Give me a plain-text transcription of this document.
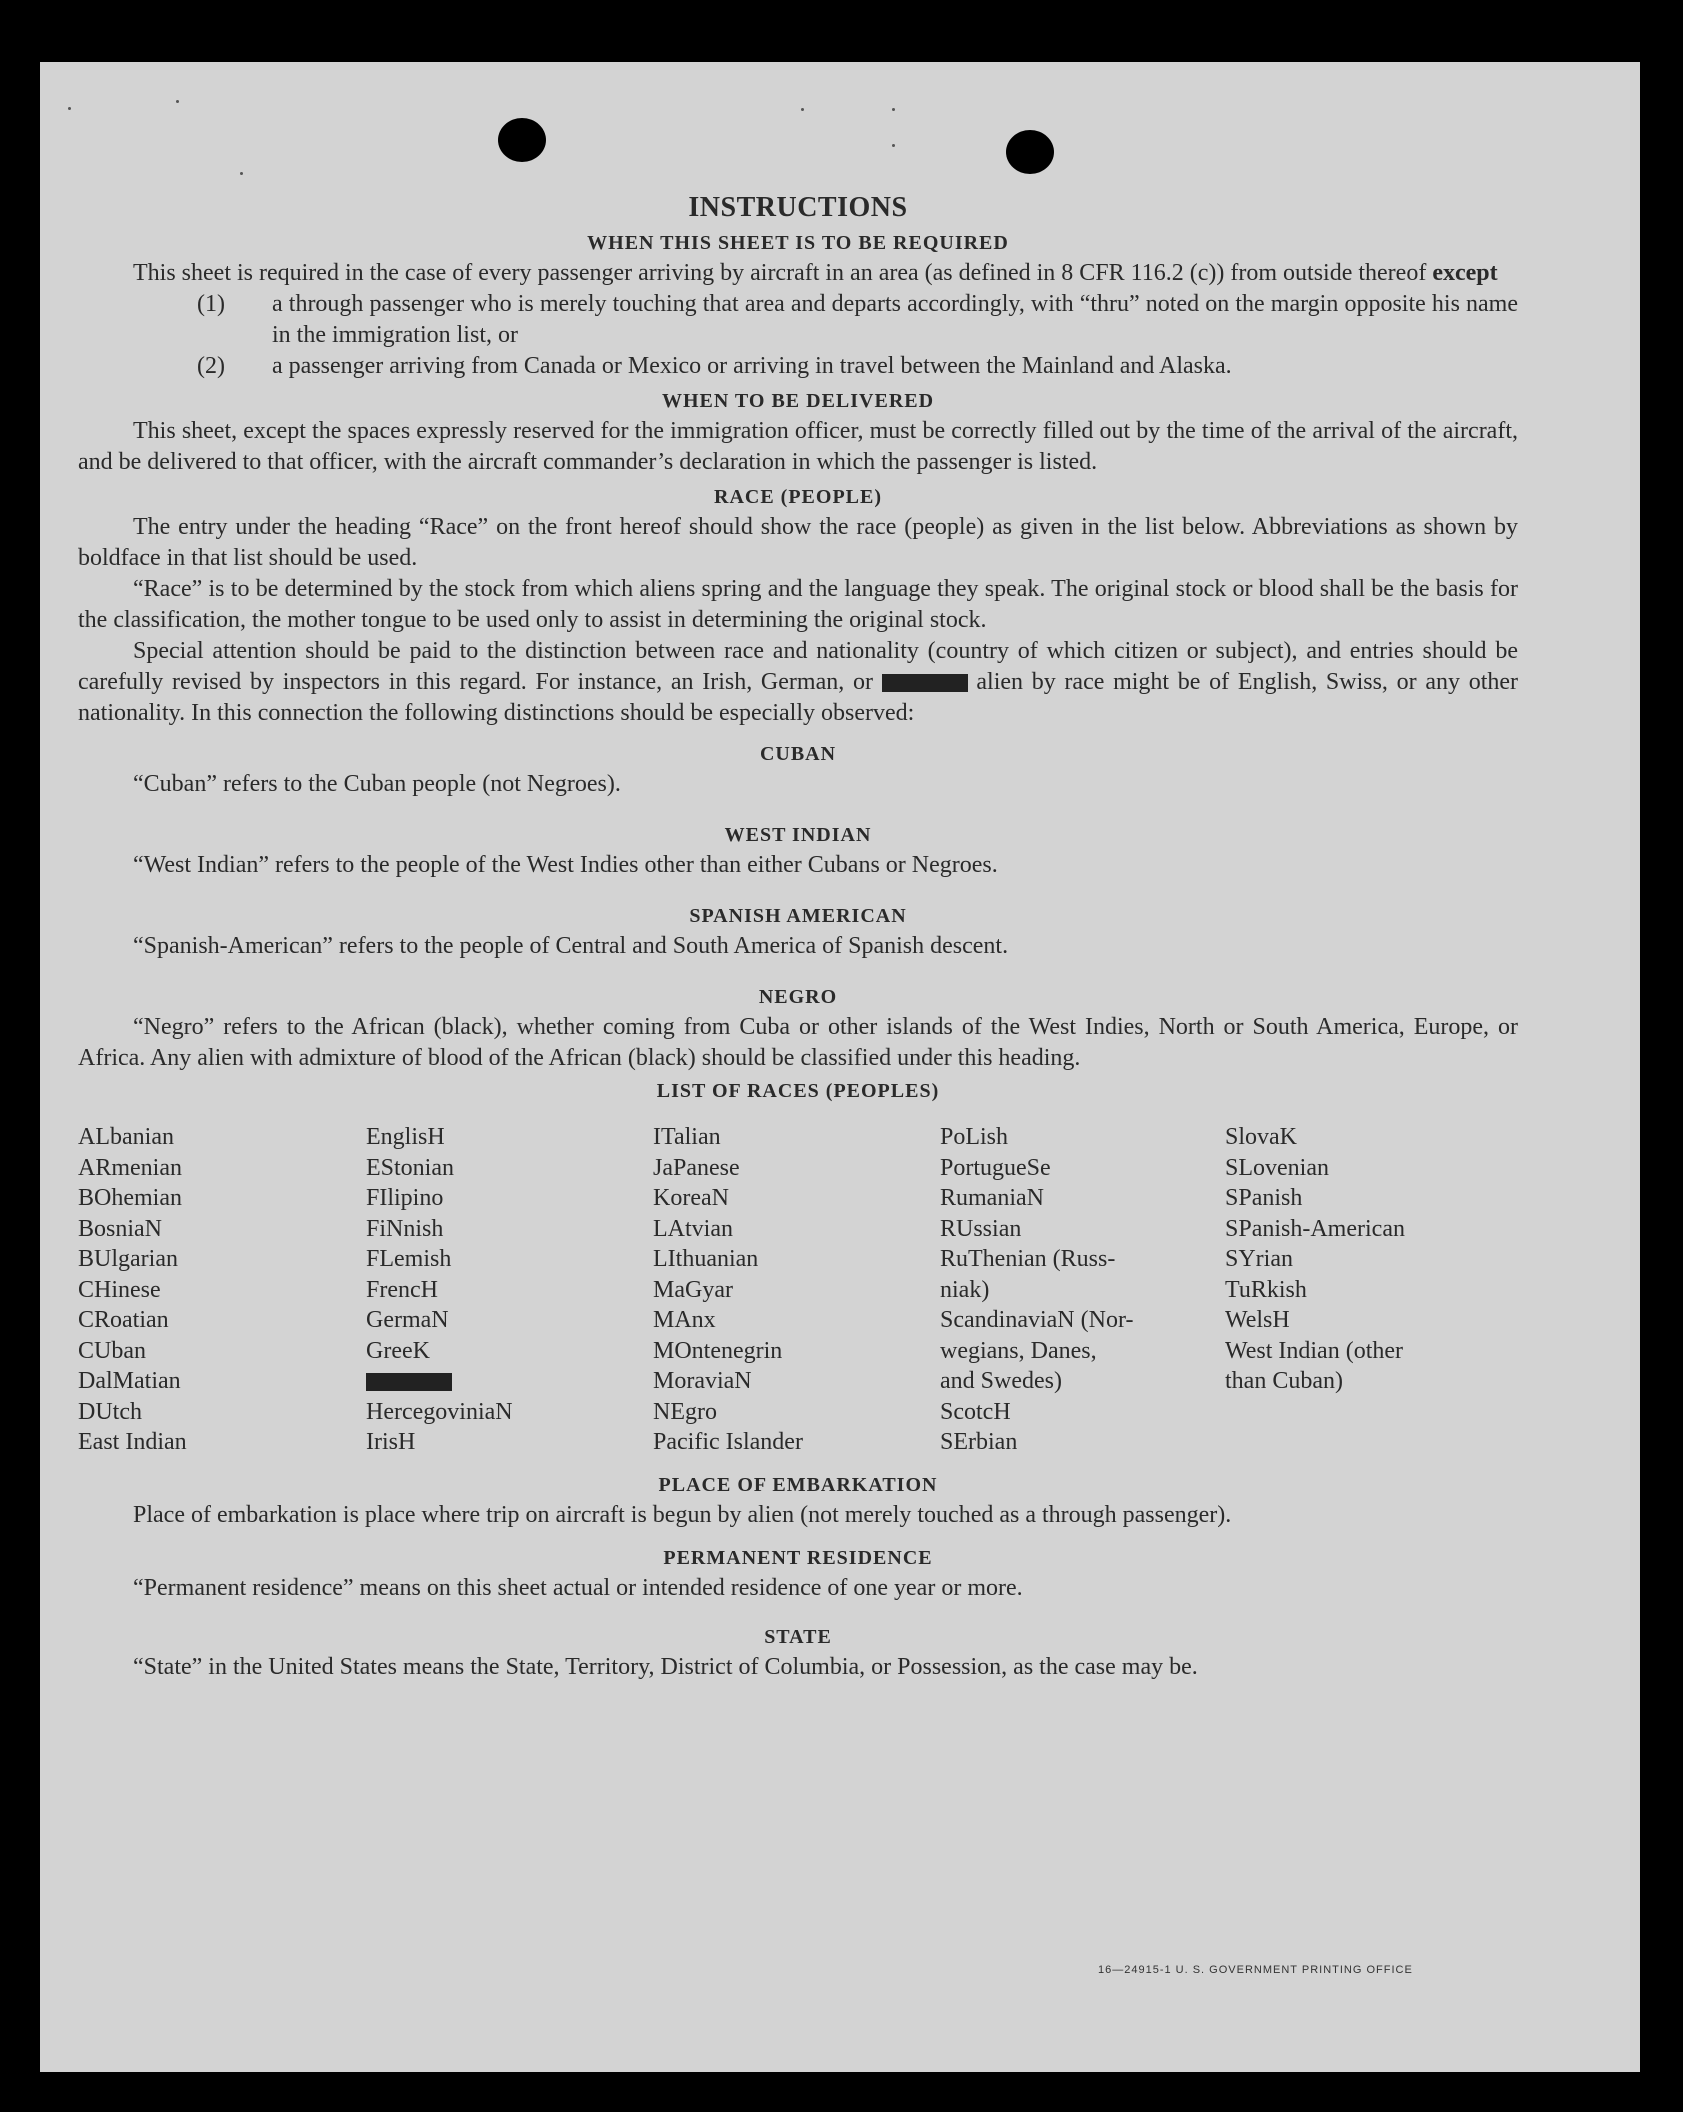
INSTRUCTIONS
WHEN THIS SHEET IS TO BE REQUIRED

This sheet is required in the case of every passenger arriving by aircraft in an area (as defined in 8 CFR 116.2 (c)) from outside thereof except

(1)	a through passenger who is merely touching that area and departs accordingly, with “thru” noted on the margin opposite his name in the immigration list, or
(2)	a passenger arriving from Canada or Mexico or arriving in travel between the Mainland and Alaska.
WHEN TO BE DELIVERED

This sheet, except the spaces expressly reserved for the immigration officer, must be correctly filled out by the time of the arrival of the aircraft, and be delivered to that officer, with the aircraft commander’s declaration in which the passenger is listed.

RACE (PEOPLE)

The entry under the heading “Race” on the front hereof should show the race (people) as given in the list below. Abbreviations as shown by boldface in that list should be used.

“Race” is to be determined by the stock from which aliens spring and the language they speak. The original stock or blood shall be the basis for the classification, the mother tongue to be used only to assist in determining the original stock.

Special attention should be paid to the distinction between race and nationality (country of which citizen or subject), and entries should be carefully revised by inspectors in this regard. For instance, an Irish, German, or	alien by race might be of English, Swiss, or any other nationality. In this connection the following distinctions should be especially observed:

CUBAN

“Cuban” refers to the Cuban people (not Negroes).

WEST INDIAN

“West Indian” refers to the people of the West Indies other than either Cubans or Negroes.

SPANISH AMERICAN

“Spanish-American” refers to the people of Central and South America of Spanish descent.

NEGRO

“Negro” refers to the African (black), whether coming from Cuba or other islands of the West Indies, North or South America, Europe, or Africa. Any alien with admixture of blood of the African (black) should be classified under this heading.

LIST OF RACES (PEOPLES)
ALbanian
ARmenian
BOhemian
BosniaN
BUlgarian
CHinese
CRoatian
CUban
DalMatian
DUtch
East Indian
EnglisH
EStonian
FIlipino
FiNnish
FLemish
FrencH
GermaN
GreeK
HercegoviniaN
IrisH
ITalian
JaPanese
KoreaN
LAtvian
LIthuanian
MaGyar
MAnx
MOntenegrin
MoraviaN
NEgro
Pacific Islander
PoLish
PortugueSe
RumaniaN
RUssian
RuThenian (Russ-
niak)
ScandinaviaN (Nor-
wegians, Danes,
and Swedes)
ScotcH
SErbian
SlovaK
SLovenian
SPanish
SPanish-American
SYrian
TuRkish
WelsH
West Indian (other
than Cuban)
PLACE OF EMBARKATION

Place of embarkation is place where trip on aircraft is begun by alien (not merely touched as a through passenger).

PERMANENT RESIDENCE

“Permanent residence” means on this sheet actual or intended residence of one year or more.

STATE

“State” in the United States means the State, Territory, District of Columbia, or Possession, as the case may be.

16—24915-1 U. S. GOVERNMENT PRINTING OFFICE
